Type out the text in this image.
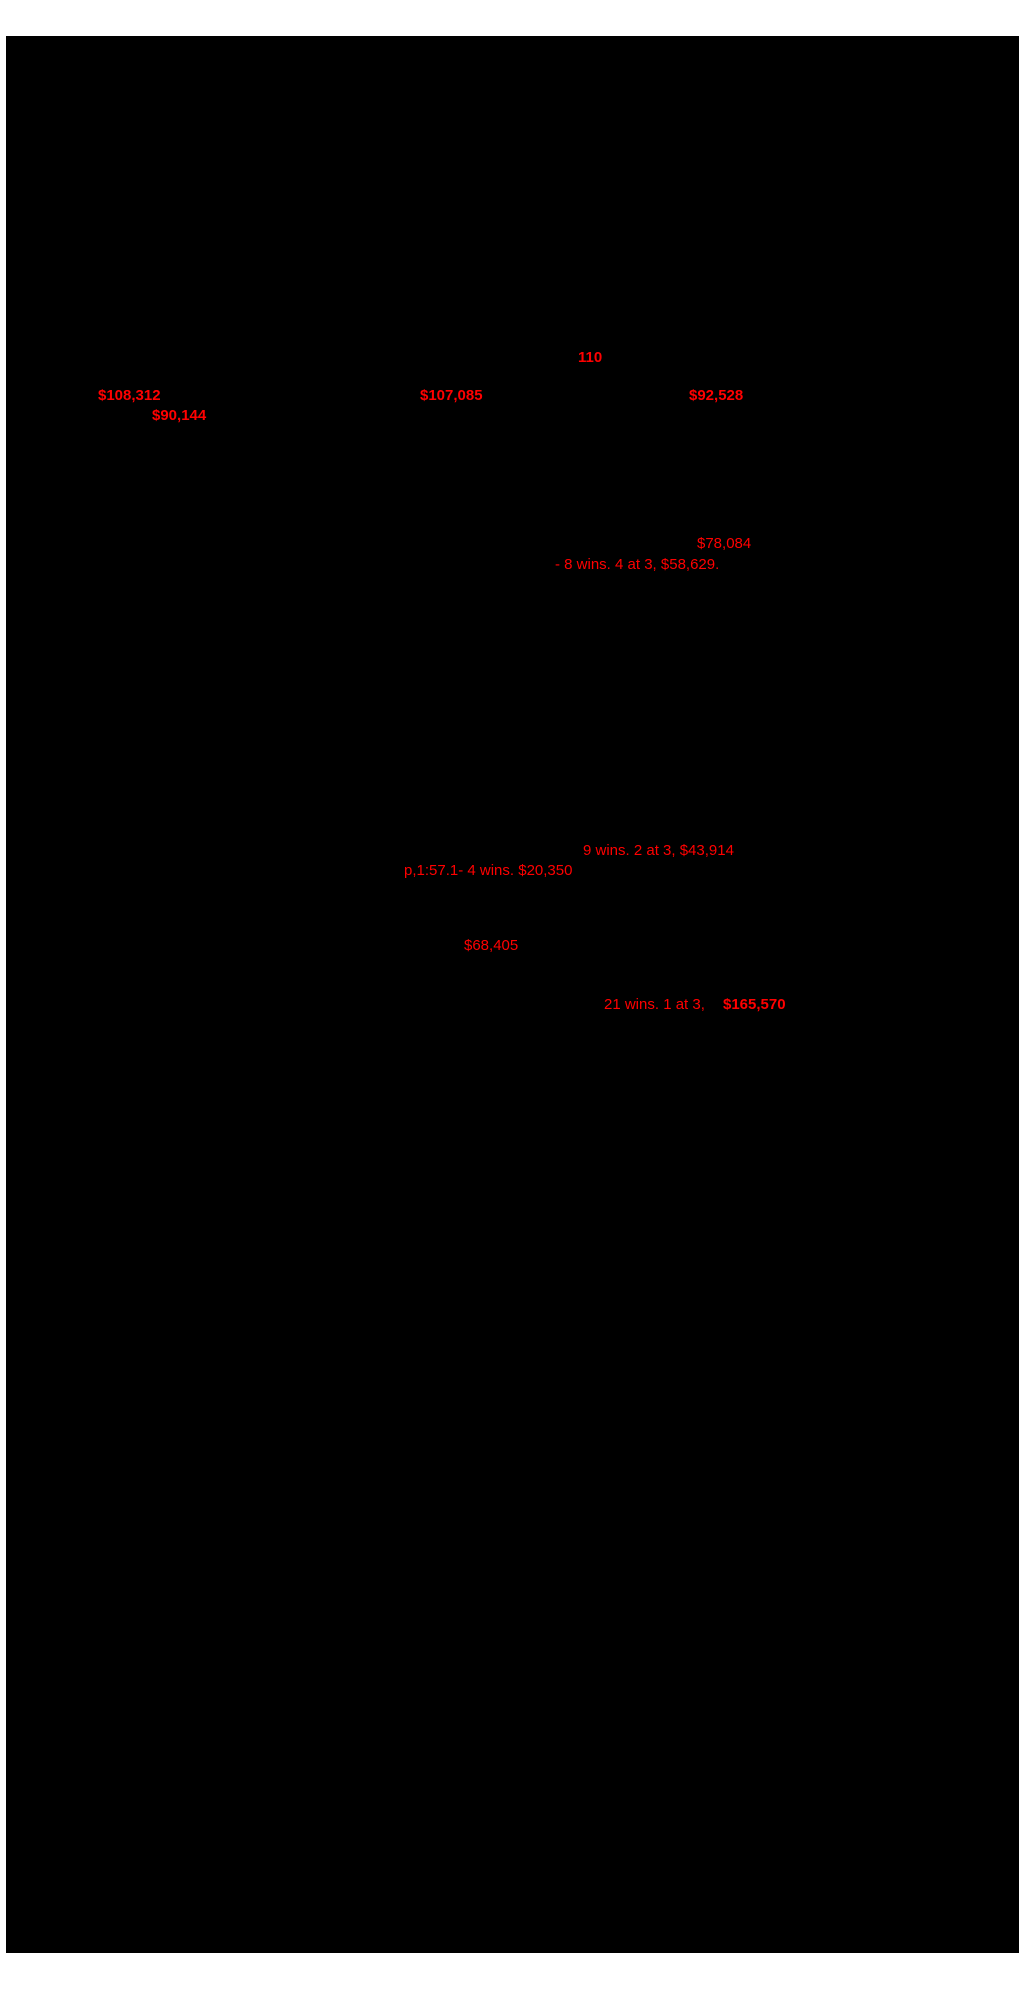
110
$108,312	$107,085	$92,528
$90,144
$78,084
- 8 wins. 4 at 3, $58,629.
9 wins. 2 at 3, $43,914
p,1:57.1- 4 wins. $20,350
$68,405
21 wins. 1 at 3, $165,570
